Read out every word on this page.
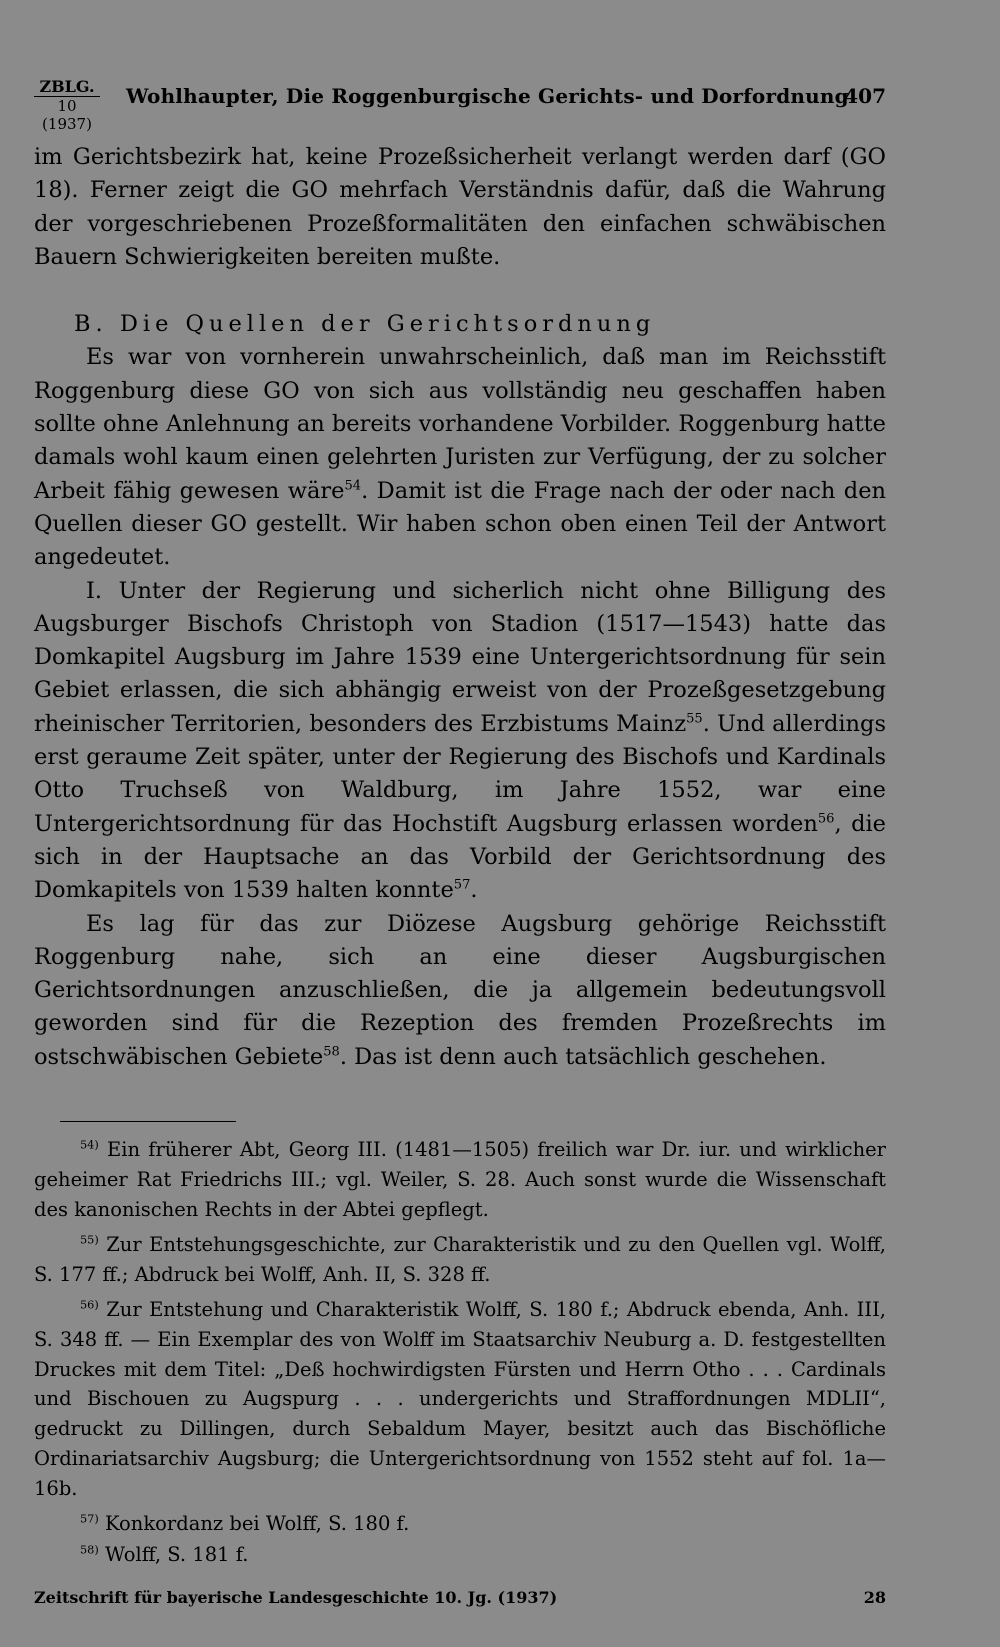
ZBLG.
10 (1937)
Wohlhaupter, Die Roggenburgische Gerichts- und Dorfordnung
407

im Gerichtsbezirk hat, keine Prozeßsicherheit verlangt werden darf (GO 18). Ferner zeigt die GO mehrfach Verständnis dafür, daß die Wahrung der vorgeschriebenen Prozeßformalitäten den einfachen schwäbischen Bauern Schwierigkeiten bereiten mußte.

B. Die Quellen der Gerichtsordnung

Es war von vornherein unwahrscheinlich, daß man im Reichsstift Roggenburg diese GO von sich aus vollständig neu geschaffen haben sollte ohne Anlehnung an bereits vorhandene Vorbilder. Roggenburg hatte damals wohl kaum einen gelehrten Juristen zur Verfügung, der zu solcher Arbeit fähig gewesen wäre$^{54}$. Damit ist die Frage nach der oder nach den Quellen dieser GO gestellt. Wir haben schon oben einen Teil der Antwort angedeutet.

I. Unter der Regierung und sicherlich nicht ohne Billigung des Augsburger Bischofs Christoph von Stadion (1517—1543) hatte das Domkapitel Augsburg im Jahre 1539 eine Untergerichtsordnung für sein Gebiet erlassen, die sich abhängig erweist von der Prozeßgesetzgebung rheinischer Territorien, besonders des Erzbistums Mainz$^{55}$. Und allerdings erst geraume Zeit später, unter der Regierung des Bischofs und Kardinals Otto Truchseß von Waldburg, im Jahre 1552, war eine Untergerichtsordnung für das Hochstift Augsburg erlassen worden$^{56}$, die sich in der Hauptsache an das Vorbild der Gerichtsordnung des Domkapitels von 1539 halten konnte$^{57}$.

Es lag für das zur Diözese Augsburg gehörige Reichsstift Roggenburg nahe, sich an eine dieser Augsburgischen Gerichtsordnungen anzuschließen, die ja allgemein bedeutungsvoll geworden sind für die Rezeption des fremden Prozeßrechts im ostschwäbischen Gebiete$^{58}$. Das ist denn auch tatsächlich geschehen.

$^{54)}$ Ein früherer Abt, Georg III. (1481—1505) freilich war Dr. iur. und wirklicher geheimer Rat Friedrichs III.; vgl. Weiler, S. 28. Auch sonst wurde die Wissenschaft des kanonischen Rechts in der Abtei gepflegt.

$^{55)}$ Zur Entstehungsgeschichte, zur Charakteristik und zu den Quellen vgl. Wolff, S. 177 ff.; Abdruck bei Wolff, Anh. II, S. 328 ff.

$^{56)}$ Zur Entstehung und Charakteristik Wolff, S. 180 f.; Abdruck ebenda, Anh. III, S. 348 ff. — Ein Exemplar des von Wolff im Staatsarchiv Neuburg a. D. festgestellten Druckes mit dem Titel: „Deß hochwirdigsten Fürsten und Herrn Otho . . . Cardinals und Bischouen zu Augspurg . . . undergerichts und Straffordnungen MDLII“, gedruckt zu Dillingen, durch Sebaldum Mayer, besitzt auch das Bischöfliche Ordinariatsarchiv Augsburg; die Untergerichtsordnung von 1552 steht auf fol. 1a—16b.

$^{57)}$ Konkordanz bei Wolff, S. 180 f.

$^{58)}$ Wolff, S. 181 f.

Zeitschrift für bayerische Landesgeschichte 10. Jg. (1937)	28
